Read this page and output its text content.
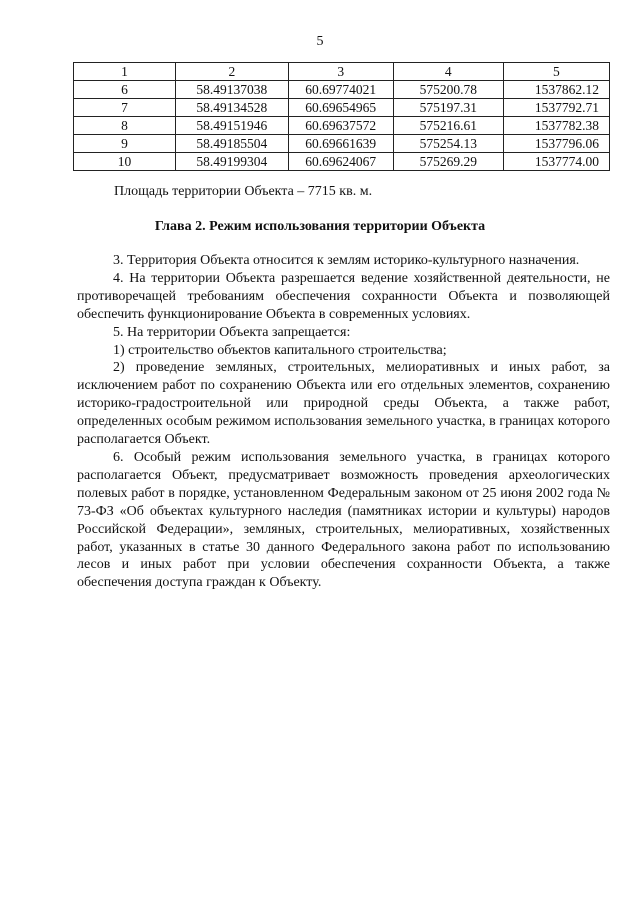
5
1	2	3	4	5
6	58.49137038	60.69774021	575200.78	1537862.12
7	58.49134528	60.69654965	575197.31	1537792.71
8	58.49151946	60.69637572	575216.61	1537782.38
9	58.49185504	60.69661639	575254.13	1537796.06
10	58.49199304	60.69624067	575269.29	1537774.00
Площадь территории Объекта – 7715 кв. м.
Глава 2. Режим использования территории Объекта

3. Территория Объекта относится к землям историко-культурного назначения.

4. На территории Объекта разрешается ведение хозяйственной деятельности, не противоречащей требованиям обеспечения сохранности Объекта и позволяющей обеспечить функционирование Объекта в современных условиях.

5. На территории Объекта запрещается:

1) строительство объектов капитального строительства;

2) проведение земляных, строительных, мелиоративных и иных работ, за исключением работ по сохранению Объекта или его отдельных элементов, сохранению историко-градостроительной или природной среды Объекта, а также работ, определенных особым режимом использования земельного участка, в границах которого располагается Объект.

6. Особый режим использования земельного участка, в границах которого располагается Объект, предусматривает возможность проведения археологических полевых работ в порядке, установленном Федеральным законом от 25 июня 2002 года № 73-ФЗ «Об объектах культурного наследия (памятниках истории и культуры) народов Российской Федерации», земляных, строительных, мелиоративных, хозяйственных работ, указанных в статье 30 данного Федерального закона работ по использованию лесов и иных работ при условии обеспечения сохранности Объекта, а также обеспечения доступа граждан к Объекту.
